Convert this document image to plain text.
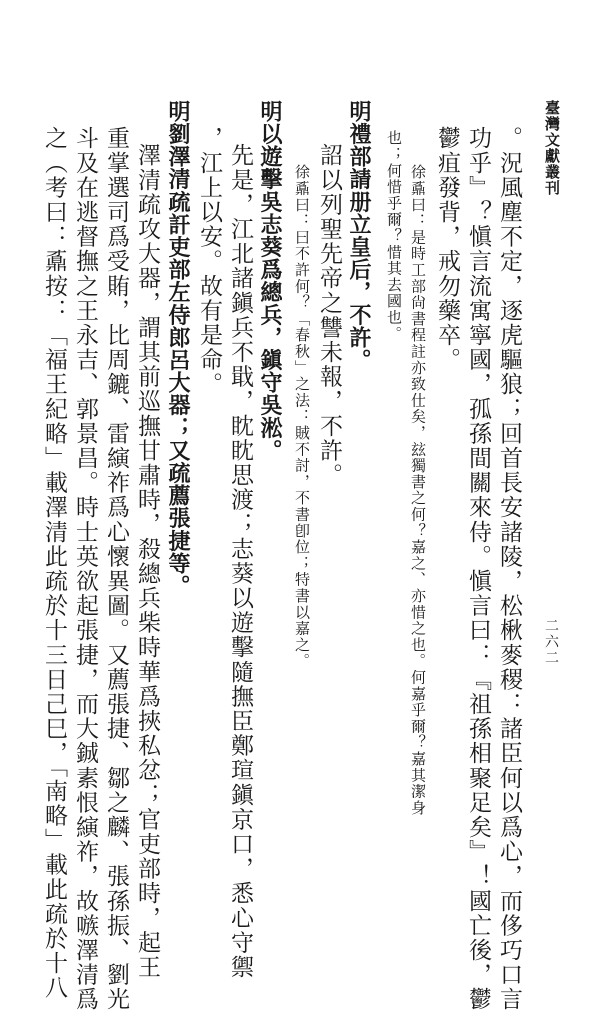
臺灣文獻叢刊
二六二
。況風塵不定，逐虎驅狼；回首長安諸陵，松楸麥稷：諸臣何以爲心，而侈巧口言
功乎』？愼言流寓寧國，孤孫間關來侍。愼言曰：『祖孫相聚足矣』！國亡後，鬱
鬱疽發背，戒勿藥卒。
徐鼒曰：是時工部尙書程註亦致仕矣，玆獨書之何？嘉之、亦惜之也。何嘉乎爾？嘉其潔身
也；何惜乎爾？惜其去國也。
明禮部請册立皇后，不許。
詔以列聖先帝之讐未報，不許。
徐鼒曰：曰不許何？「春秋」之法：賊不討，不書卽位；特書以嘉之。
明以遊擊吳志葵爲總兵，鎭守吳淞。
先是，江北諸鎭兵不戢，眈眈思渡；志葵以遊擊隨撫臣鄭瑄鎭京口，悉心守禦
，江上以安。故有是命。
明劉澤清疏訐吏部左侍郎呂大器；又疏薦張捷等。
澤清疏攻大器，謂其前巡撫甘肅時，殺總兵柴時華爲挾私忿；官吏部時，起王
重掌選司爲受賄，比周鏕、雷縯祚爲心懷異圖。又薦張捷、鄒之麟、張孫振、劉光
斗及在逃督撫之王永吉、郭景昌。時士英欲起張捷，而大鋮素恨縯祚，故嗾澤清爲
之（考曰：鼒按：「福王紀略」載澤清此疏於十三日己巳，「南略」載此疏於十八
